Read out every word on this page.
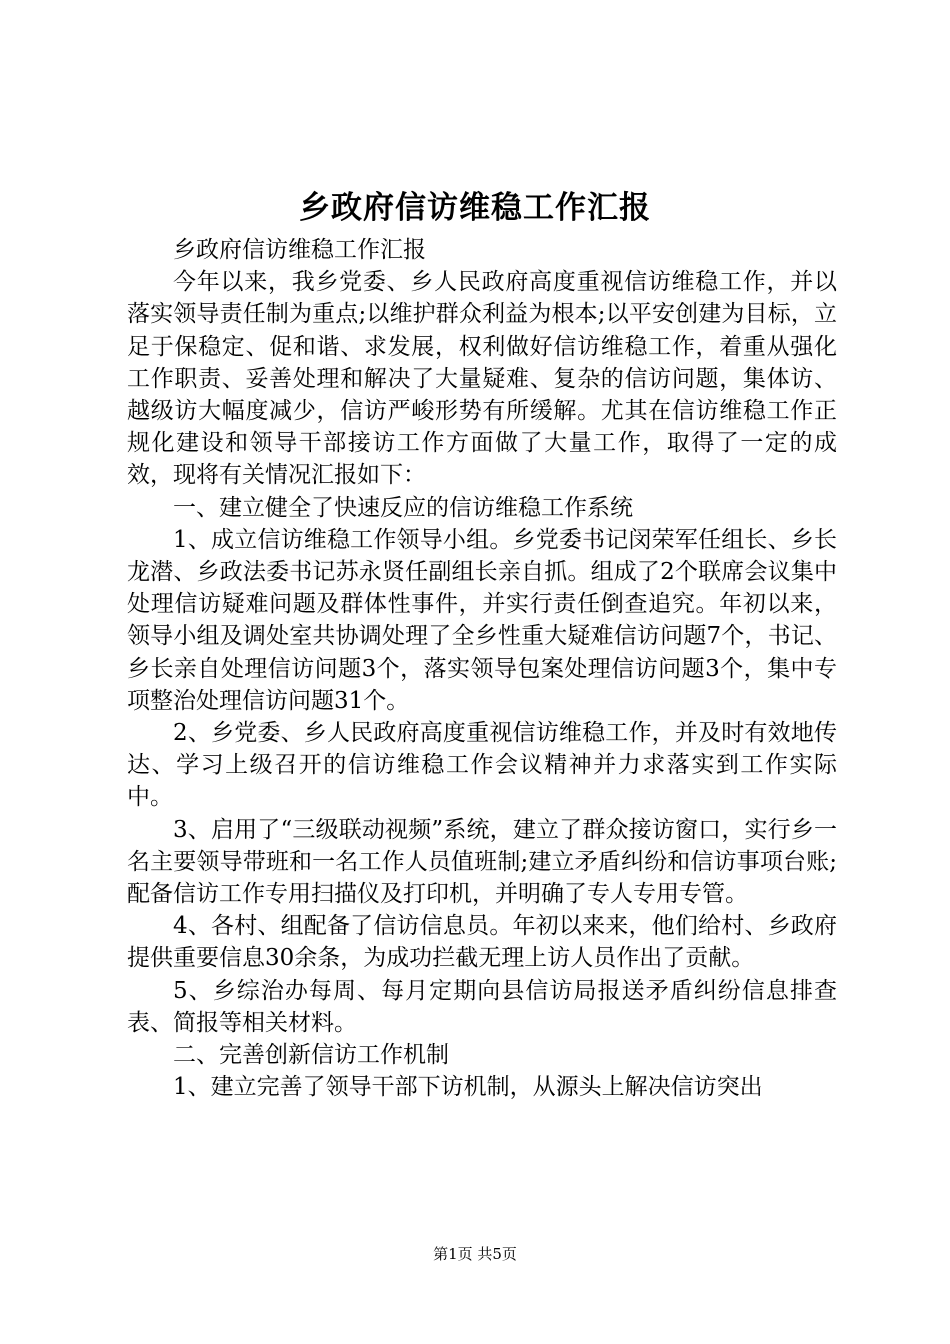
乡政府信访维稳工作汇报

乡政府信访维稳工作汇报

今年以来，我乡党委、乡人民政府高度重视信访维稳工作，并以落实领导责任制为重点;以维护群众利益为根本;以平安创建为目标，立足于保稳定、促和谐、求发展，权利做好信访维稳工作，着重从强化工作职责、妥善处理和解决了大量疑难、复杂的信访问题，集体访、越级访大幅度减少，信访严峻形势有所缓解。尤其在信访维稳工作正规化建设和领导干部接访工作方面做了大量工作，取得了一定的成效，现将有关情况汇报如下：

一、建立健全了快速反应的信访维稳工作系统

1、成立信访维稳工作领导小组。乡党委书记闵荣军任组长、乡长龙潜、乡政法委书记苏永贤任副组长亲自抓。组成了2个联席会议集中处理信访疑难问题及群体性事件，并实行责任倒查追究。年初以来，领导小组及调处室共协调处理了全乡性重大疑难信访问题7个，书记、乡长亲自处理信访问题3个，落实领导包案处理信访问题3个，集中专项整治处理信访问题31个。

2、乡党委、乡人民政府高度重视信访维稳工作，并及时有效地传达、学习上级召开的信访维稳工作会议精神并力求落实到工作实际中。

3、启用了“三级联动视频”系统，建立了群众接访窗口，实行乡一名主要领导带班和一名工作人员值班制;建立矛盾纠纷和信访事项台账;配备信访工作专用扫描仪及打印机，并明确了专人专用专管。

4、各村、组配备了信访信息员。年初以来来，他们给村、乡政府提供重要信息30余条，为成功拦截无理上访人员作出了贡献。

5、乡综治办每周、每月定期向县信访局报送矛盾纠纷信息排查表、简报等相关材料。

二、完善创新信访工作机制

1、建立完善了领导干部下访机制，从源头上解决信访突出

第1页 共5页
